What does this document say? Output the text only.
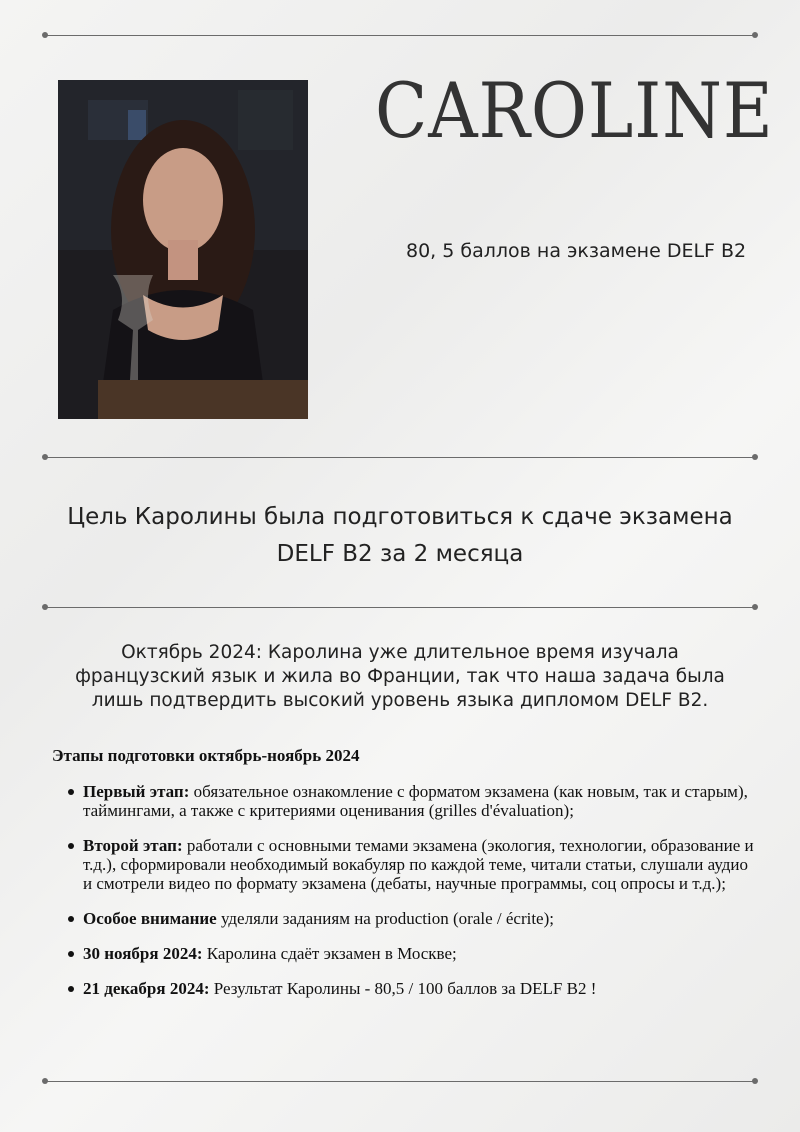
CAROLINE
80, 5 баллов на экзамене DELF B2
Цель Каролины была подготовиться к сдаче экзамена
DELF B2 за 2 месяца
Октябрь 2024: Каролина уже длительное время изучала
французский язык и жила во Франции, так что наша задача была
лишь подтвердить высокий уровень языка дипломом DELF B2.
Этапы подготовки октябрь-ноябрь 2024
Первый этап: обязательное ознакомление с форматом экзамена (как новым, так и старым), таймингами, а также с критериями оценивания (grilles d'évaluation);
Второй этап: работали с основными темами экзамена (экология, технологии, образование и т.д.), сформировали необходимый вокабуляр по каждой теме, читали статьи, слушали аудио и смотрели видео по формату экзамена (дебаты, научные программы, соц опросы и т.д.);
Особое внимание уделяли заданиям на production (orale / écrite);
30 ноября 2024: Каролина сдаёт экзамен в Москве;
21 декабря 2024: Результат Каролины - 80,5 / 100 баллов за DELF B2 !
